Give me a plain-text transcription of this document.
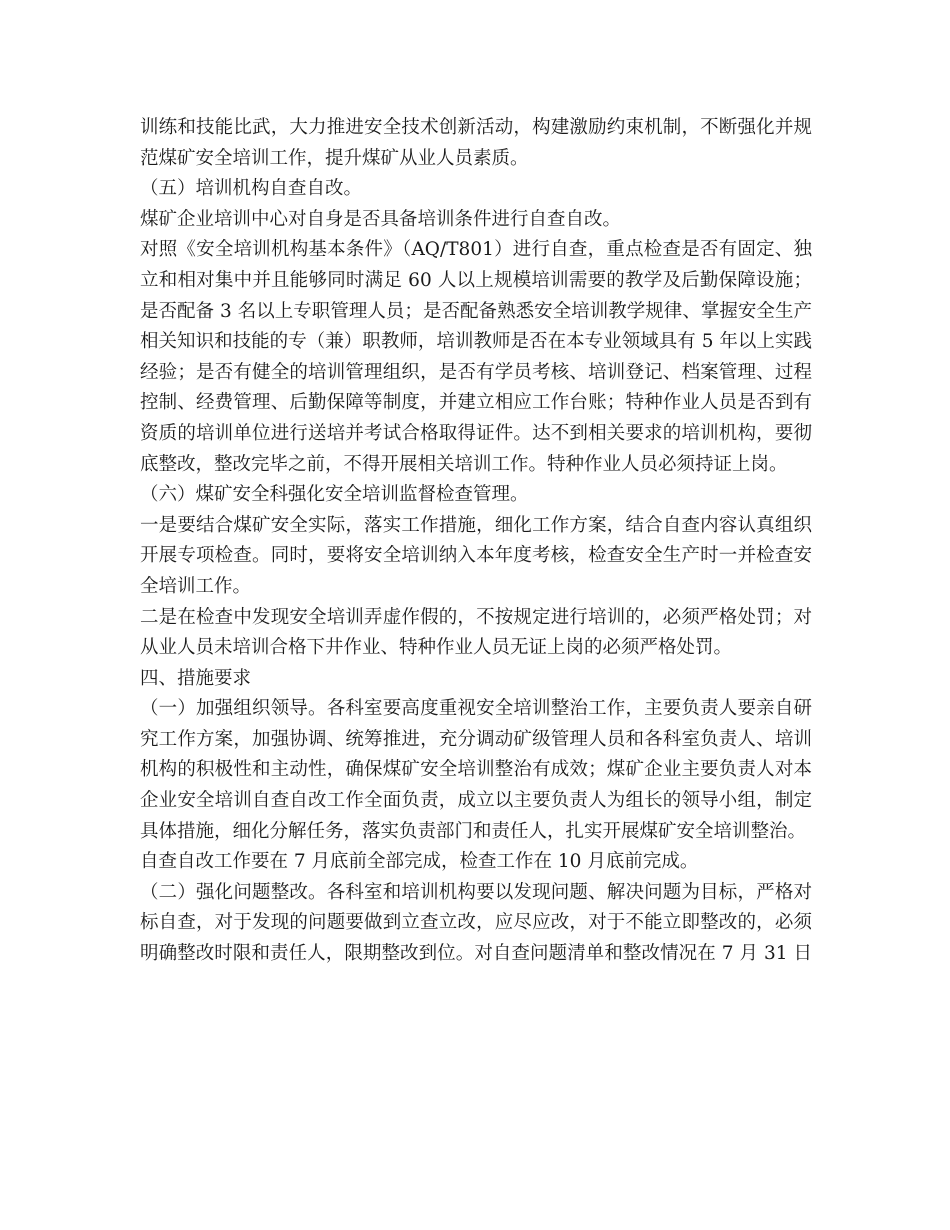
训练和技能比武，大力推进安全技术创新活动，构建激励约束机制，不断强化并规
范煤矿安全培训工作，提升煤矿从业人员素质。
（五）培训机构自查自改。
煤矿企业培训中心对自身是否具备培训条件进行自查自改。
对照《安全培训机构基本条件》（AQ/T801）进行自查，重点检查是否有固定、独
立和相对集中并且能够同时满足 60 人以上规模培训需要的教学及后勤保障设施；
是否配备 3 名以上专职管理人员；是否配备熟悉安全培训教学规律、掌握安全生产
相关知识和技能的专（兼）职教师，培训教师是否在本专业领域具有 5 年以上实践
经验；是否有健全的培训管理组织，是否有学员考核、培训登记、档案管理、过程
控制、经费管理、后勤保障等制度，并建立相应工作台账；特种作业人员是否到有
资质的培训单位进行送培并考试合格取得证件。达不到相关要求的培训机构，要彻
底整改，整改完毕之前，不得开展相关培训工作。特种作业人员必须持证上岗。
（六）煤矿安全科强化安全培训监督检查管理。
一是要结合煤矿安全实际，落实工作措施，细化工作方案，结合自查内容认真组织
开展专项检查。同时，要将安全培训纳入本年度考核，检查安全生产时一并检查安
全培训工作。
二是在检查中发现安全培训弄虚作假的，不按规定进行培训的，必须严格处罚；对
从业人员未培训合格下井作业、特种作业人员无证上岗的必须严格处罚。
四、措施要求
（一）加强组织领导。各科室要高度重视安全培训整治工作，主要负责人要亲自研
究工作方案，加强协调、统筹推进，充分调动矿级管理人员和各科室负责人、培训
机构的积极性和主动性，确保煤矿安全培训整治有成效；煤矿企业主要负责人对本
企业安全培训自查自改工作全面负责，成立以主要负责人为组长的领导小组，制定
具体措施，细化分解任务，落实负责部门和责任人，扎实开展煤矿安全培训整治。
自查自改工作要在 7 月底前全部完成，检查工作在 10 月底前完成。
（二）强化问题整改。各科室和培训机构要以发现问题、解决问题为目标，严格对
标自查，对于发现的问题要做到立查立改，应尽应改，对于不能立即整改的，必须
明确整改时限和责任人，限期整改到位。对自查问题清单和整改情况在 7 月 31 日
